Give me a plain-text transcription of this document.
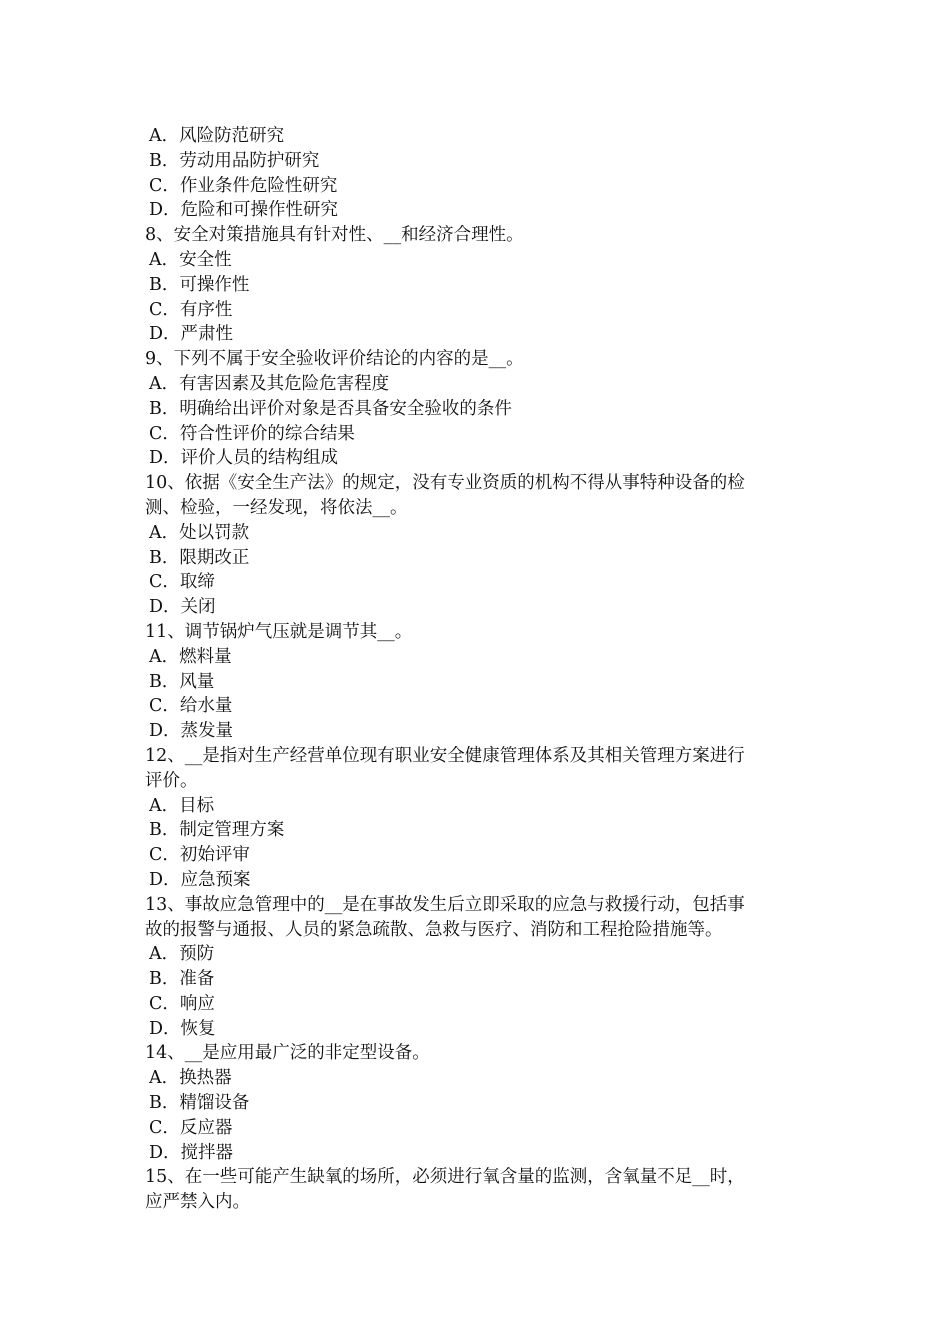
A．风险防范研究
B．劳动用品防护研究
C．作业条件危险性研究
D．危险和可操作性研究
8、安全对策措施具有针对性、__和经济合理性。
A．安全性
B．可操作性
C．有序性
D．严肃性
9、下列不属于安全验收评价结论的内容的是__。
A．有害因素及其危险危害程度
B．明确给出评价对象是否具备安全验收的条件
C．符合性评价的综合结果
D．评价人员的结构组成
10、依据《安全生产法》的规定，没有专业资质的机构不得从事特种设备的检
测、检验，一经发现，将依法__。
A．处以罚款
B．限期改正
C．取缔
D．关闭
11、调节锅炉气压就是调节其__。
A．燃料量
B．风量
C．给水量
D．蒸发量
12、__是指对生产经营单位现有职业安全健康管理体系及其相关管理方案进行
评价。
A．目标
B．制定管理方案
C．初始评审
D．应急预案
13、事故应急管理中的__是在事故发生后立即采取的应急与救援行动，包括事
故的报警与通报、人员的紧急疏散、急救与医疗、消防和工程抢险措施等。
A．预防
B．准备
C．响应
D．恢复
14、__是应用最广泛的非定型设备。
A．换热器
B．精馏设备
C．反应器
D．搅拌器
15、在一些可能产生缺氧的场所，必须进行氧含量的监测，含氧量不足__时，
应严禁入内。
